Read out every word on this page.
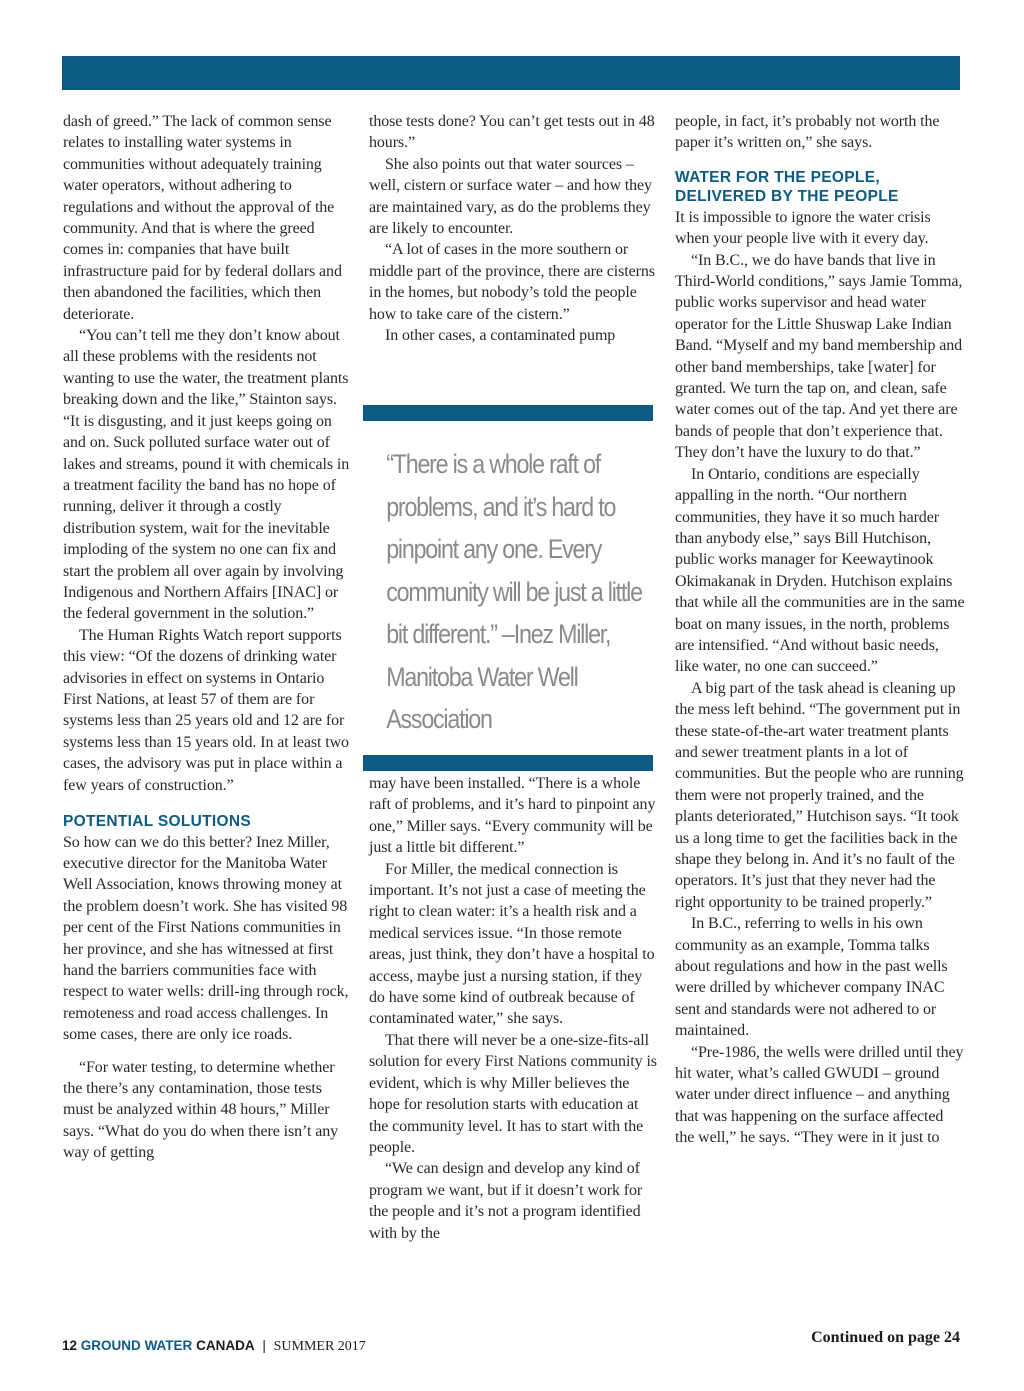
dash of greed.” The lack of common sense relates to installing water systems in communities without adequately training water operators, without adhering to regulations and without the approval of the community. And that is where the greed comes in: companies that have built infrastructure paid for by federal dollars and then abandoned the facilities, which then deteriorate.

“You can’t tell me they don’t know about all these problems with the residents not wanting to use the water, the treatment plants breaking down and the like,” Stainton says. “It is disgusting, and it just keeps going on and on. Suck polluted surface water out of lakes and streams, pound it with chemicals in a treatment facility the band has no hope of running, deliver it through a costly distribution system, wait for the inevitable imploding of the system no one can fix and start the problem all over again by involving Indigenous and Northern Affairs [INAC] or the federal government in the solution.”

The Human Rights Watch report supports this view: “Of the dozens of drinking water advisories in effect on systems in Ontario First Nations, at least 57 of them are for systems less than 25 years old and 12 are for systems less than 15 years old. In at least two cases, the advisory was put in place within a few years of construction.”

POTENTIAL SOLUTIONS

So how can we do this better? Inez Miller, executive director for the Manitoba Water Well Association, knows throwing money at the problem doesn’t work. She has visited 98 per cent of the First Nations communities in her province, and she has witnessed at first hand the barriers communities face with respect to water wells: drill-ing through rock, remoteness and road access challenges. In some cases, there are only ice roads.

“For water testing, to determine whether the there’s any contamination, those tests must be analyzed within 48 hours,” Miller says. “What do you do when there isn’t any way of getting

those tests done? You can’t get tests out in 48 hours.”

She also points out that water sources – well, cistern or surface water – and how they are maintained vary, as do the problems they are likely to encounter.

“A lot of cases in the more southern or middle part of the province, there are cisterns in the homes, but nobody’s told the people how to take care of the cistern.”

In other cases, a contaminated pump

“There is a whole raft of problems, and it’s hard to pinpoint any one. Every community will be just a little bit different.” –Inez Miller, Manitoba Water Well Association

may have been installed. “There is a whole raft of problems, and it’s hard to pinpoint any one,” Miller says. “Every community will be just a little bit different.”

For Miller, the medical connection is important. It’s not just a case of meeting the right to clean water: it’s a health risk and a medical services issue. “In those remote areas, just think, they don’t have a hospital to access, maybe just a nursing station, if they do have some kind of outbreak because of contaminated water,” she says.

That there will never be a one-size-fits-all solution for every First Nations community is evident, which is why Miller believes the hope for resolution starts with education at the community level. It has to start with the people.

“We can design and develop any kind of program we want, but if it doesn’t work for the people and it’s not a program identified with by the

people, in fact, it’s probably not worth the paper it’s written on,” she says.

WATER FOR THE PEOPLE,
DELIVERED BY THE PEOPLE

It is impossible to ignore the water crisis when your people live with it every day.

“In B.C., we do have bands that live in Third-World conditions,” says Jamie Tomma, public works supervisor and head water operator for the Little Shuswap Lake Indian Band. “Myself and my band membership and other band memberships, take [water] for granted. We turn the tap on, and clean, safe water comes out of the tap. And yet there are bands of people that don’t experience that. They don’t have the luxury to do that.”

In Ontario, conditions are especially appalling in the north. “Our northern communities, they have it so much harder than anybody else,” says Bill Hutchison, public works manager for Keewaytinook Okimakanak in Dryden. Hutchison explains that while all the communities are in the same boat on many issues, in the north, problems are intensified. “And without basic needs, like water, no one can succeed.”

A big part of the task ahead is cleaning up the mess left behind. “The government put in these state-of-the-art water treatment plants and sewer treatment plants in a lot of communities. But the people who are running them were not properly trained, and the plants deteriorated,” Hutchison says. “It took us a long time to get the facilities back in the shape they belong in. And it’s no fault of the operators. It’s just that they never had the right opportunity to be trained properly.”

In B.C., referring to wells in his own community as an example, Tomma talks about regulations and how in the past wells were drilled by whichever company INAC sent and standards were not adhered to or maintained.

“Pre-1986, the wells were drilled until they hit water, what’s called GWUDI – ground water under direct influence – and anything that was happening on the surface affected the well,” he says. “They were in it just to

Continued on page 24
12 GROUND WATER CANADA | SUMMER 2017
